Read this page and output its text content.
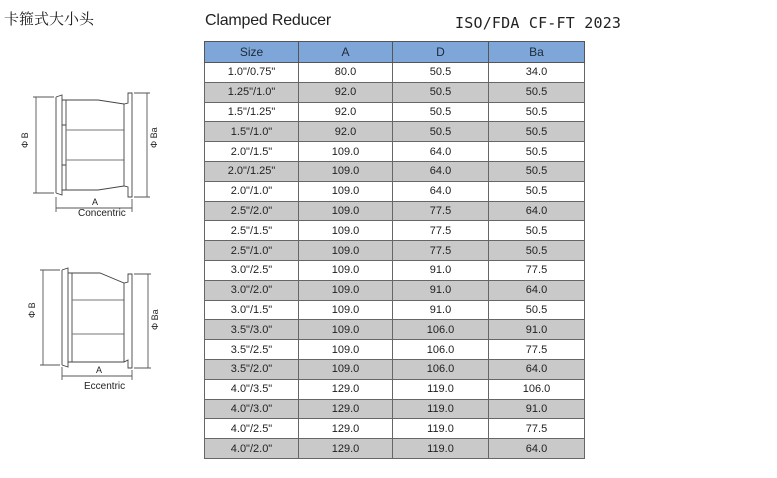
卡箍式大小头	Clamped Reducer	ISO/FDA CF-FT 2023
Φ B	Φ Ba
A
Φ B	Φ Ba
A
Concentric
Eccentric
Size	A	D	Ba
1.0"/0.75"	80.0	50.5	34.0
1.25"/1.0"	92.0	50.5	50.5
1.5"/1.25"	92.0	50.5	50.5
1.5"/1.0"	92.0	50.5	50.5
2.0"/1.5"	109.0	64.0	50.5
2.0"/1.25"	109.0	64.0	50.5
2.0"/1.0"	109.0	64.0	50.5
2.5"/2.0"	109.0	77.5	64.0
2.5"/1.5"	109.0	77.5	50.5
2.5"/1.0"	109.0	77.5	50.5
3.0"/2.5"	109.0	91.0	77.5
3.0"/2.0"	109.0	91.0	64.0
3.0"/1.5"	109.0	91.0	50.5
3.5"/3.0"	109.0	106.0	91.0
3.5"/2.5"	109.0	106.0	77.5
3.5"/2.0"	109.0	106.0	64.0
4.0"/3.5"	129.0	119.0	106.0
4.0"/3.0"	129.0	119.0	91.0
4.0"/2.5"	129.0	119.0	77.5
4.0"/2.0"	129.0	119.0	64.0
